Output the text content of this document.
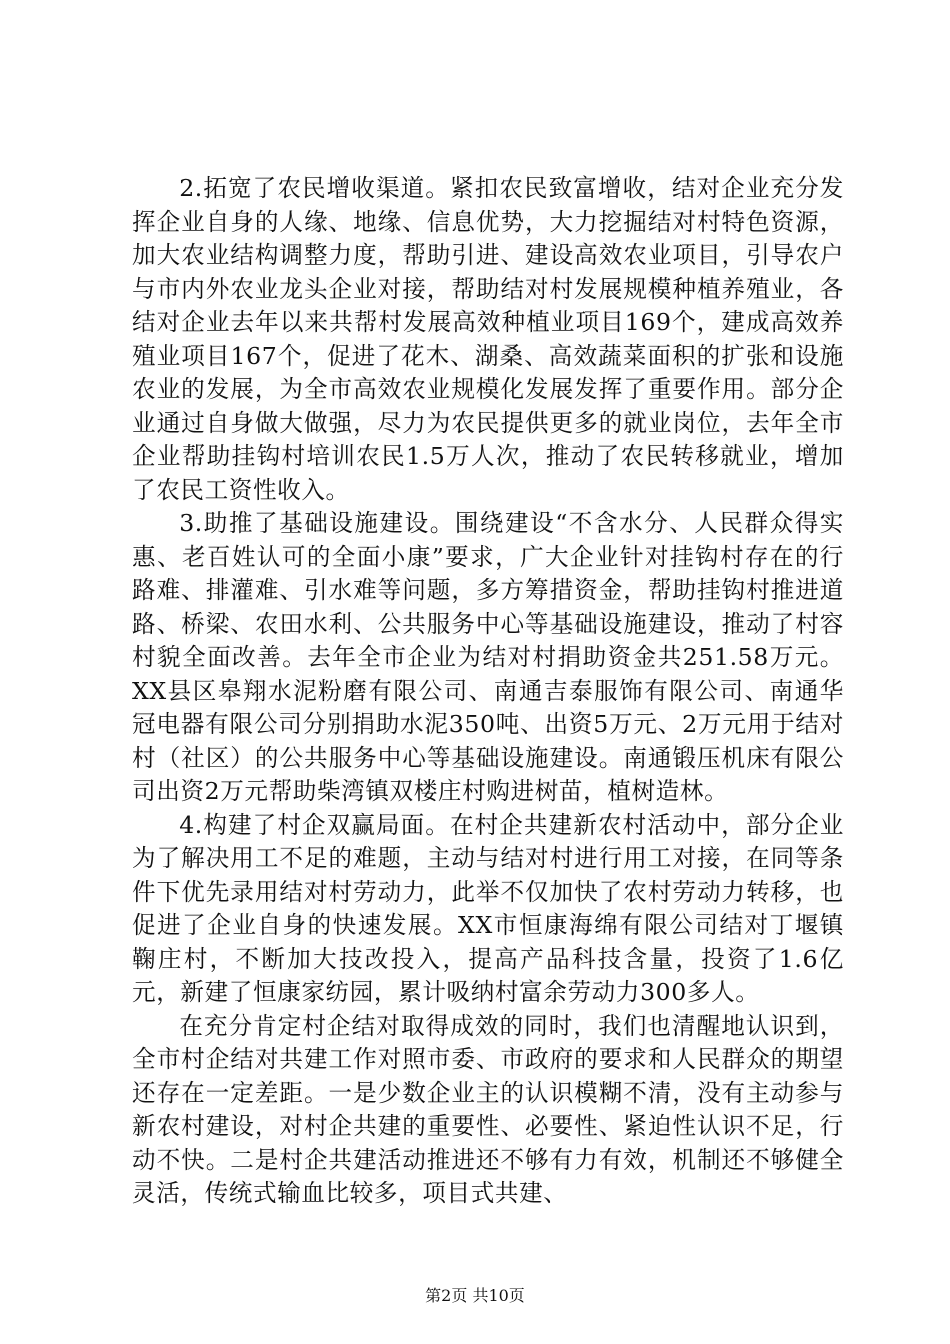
2.拓宽了农民增收渠道。紧扣农民致富增收，结对企业充分发挥企业自身的人缘、地缘、信息优势，大力挖掘结对村特色资源，加大农业结构调整力度，帮助引进、建设高效农业项目，引导农户与市内外农业龙头企业对接，帮助结对村发展规模种植养殖业，各结对企业去年以来共帮村发展高效种植业项目169个，建成高效养殖业项目167个，促进了花木、湖桑、高效蔬菜面积的扩张和设施农业的发展，为全市高效农业规模化发展发挥了重要作用。部分企业通过自身做大做强，尽力为农民提供更多的就业岗位，去年全市企业帮助挂钩村培训农民1.5万人次，推动了农民转移就业，增加了农民工资性收入。

3.助推了基础设施建设。围绕建设“不含水分、人民群众得实惠、老百姓认可的全面小康”要求，广大企业针对挂钩村存在的行路难、排灌难、引水难等问题，多方筹措资金，帮助挂钩村推进道路、桥梁、农田水利、公共服务中心等基础设施建设，推动了村容村貌全面改善。去年全市企业为结对村捐助资金共251.58万元。XX县区皋翔水泥粉磨有限公司、南通吉泰服饰有限公司、南通华冠电器有限公司分别捐助水泥350吨、出资5万元、2万元用于结对村（社区）的公共服务中心等基础设施建设。南通锻压机床有限公司出资2万元帮助柴湾镇双楼庄村购进树苗，植树造林。

4.构建了村企双赢局面。在村企共建新农村活动中，部分企业为了解决用工不足的难题，主动与结对村进行用工对接，在同等条件下优先录用结对村劳动力，此举不仅加快了农村劳动力转移，也促进了企业自身的快速发展。XX市恒康海绵有限公司结对丁堰镇鞠庄村，不断加大技改投入，提高产品科技含量，投资了1.6亿元，新建了恒康家纺园，累计吸纳村富余劳动力300多人。

在充分肯定村企结对取得成效的同时，我们也清醒地认识到，全市村企结对共建工作对照市委、市政府的要求和人民群众的期望还存在一定差距。一是少数企业主的认识模糊不清，没有主动参与新农村建设，对村企共建的重要性、必要性、紧迫性认识不足，行动不快。二是村企共建活动推进还不够有力有效，机制还不够健全灵活，传统式输血比较多，项目式共建、

第2页 共10页
